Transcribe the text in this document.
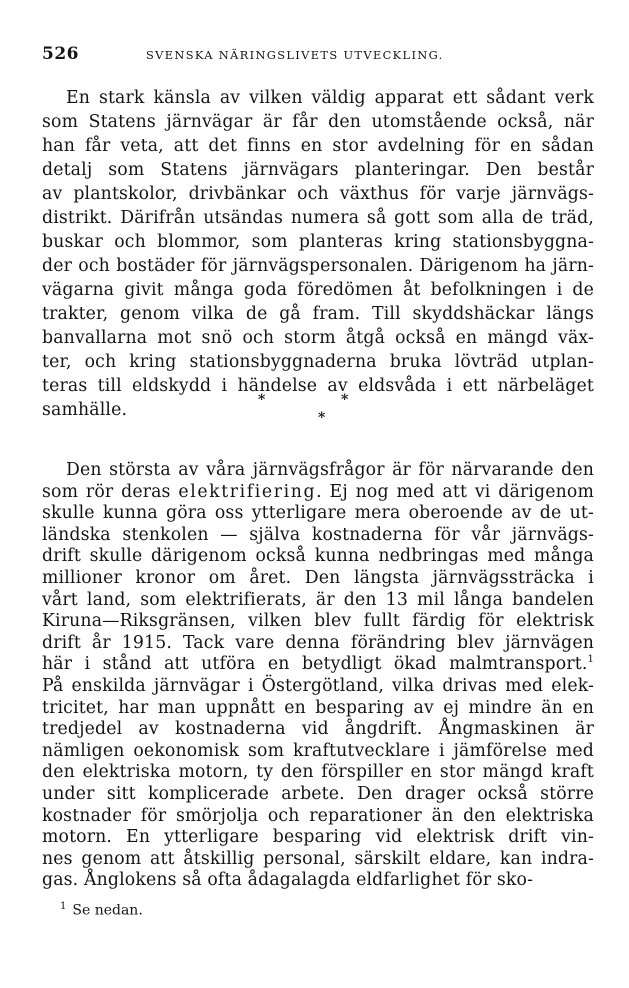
526	SVENSKA NÄRINGSLIVETS UTVECKLING.
En stark känsla av vilken väldig apparat ett sådant verk
som Statens järnvägar är får den utomstående också, när
han får veta, att det finns en stor avdelning för en sådan
detalj som Statens järnvägars planteringar. Den består
av plantskolor, drivbänkar och växthus för varje järnvägs-
distrikt. Därifrån utsändas numera så gott som alla de träd,
buskar och blommor, som planteras kring stationsbyggna-
der och bostäder för järnvägspersonalen. Därigenom ha järn-
vägarna givit många goda föredömen åt befolkningen i de
trakter, genom vilka de gå fram. Till skyddshäckar längs
banvallarna mot snö och storm åtgå också en mängd väx-
ter, och kring stationsbyggnaderna bruka lövträd utplan-
teras till eldskydd i händelse av eldsvåda i ett närbeläget
samhälle.	*	*
*
Den största av våra järnvägsfrågor är för närvarande den
som rör deras elektrifiering. Ej nog med att vi därigenom
skulle kunna göra oss ytterligare mera oberoende av de ut-
ländska stenkolen — själva kostnaderna för vår järnvägs-
drift skulle därigenom också kunna nedbringas med många
millioner kronor om året. Den längsta järnvägssträcka i
vårt land, som elektrifierats, är den 13 mil långa bandelen
Kiruna—Riksgränsen, vilken blev fullt färdig för elektrisk
drift år 1915. Tack vare denna förändring blev järnvägen
här i stånd att utföra en betydligt ökad malmtransport.$^1$
På enskilda järnvägar i Östergötland, vilka drivas med elek-
tricitet, har man uppnått en besparing av ej mindre än en
tredjedel av kostnaderna vid ångdrift. Ångmaskinen är
nämligen oekonomisk som kraftutvecklare i jämförelse med
den elektriska motorn, ty den förspiller en stor mängd kraft
under sitt komplicerade arbete. Den drager också större
kostnader för smörjolja och reparationer än den elektriska
motorn. En ytterligare besparing vid elektrisk drift vin-
nes genom att åtskillig personal, särskilt eldare, kan indra-
gas. Ånglokens så ofta ådagalagda eldfarlighet för sko-
$^1$ Se nedan.
